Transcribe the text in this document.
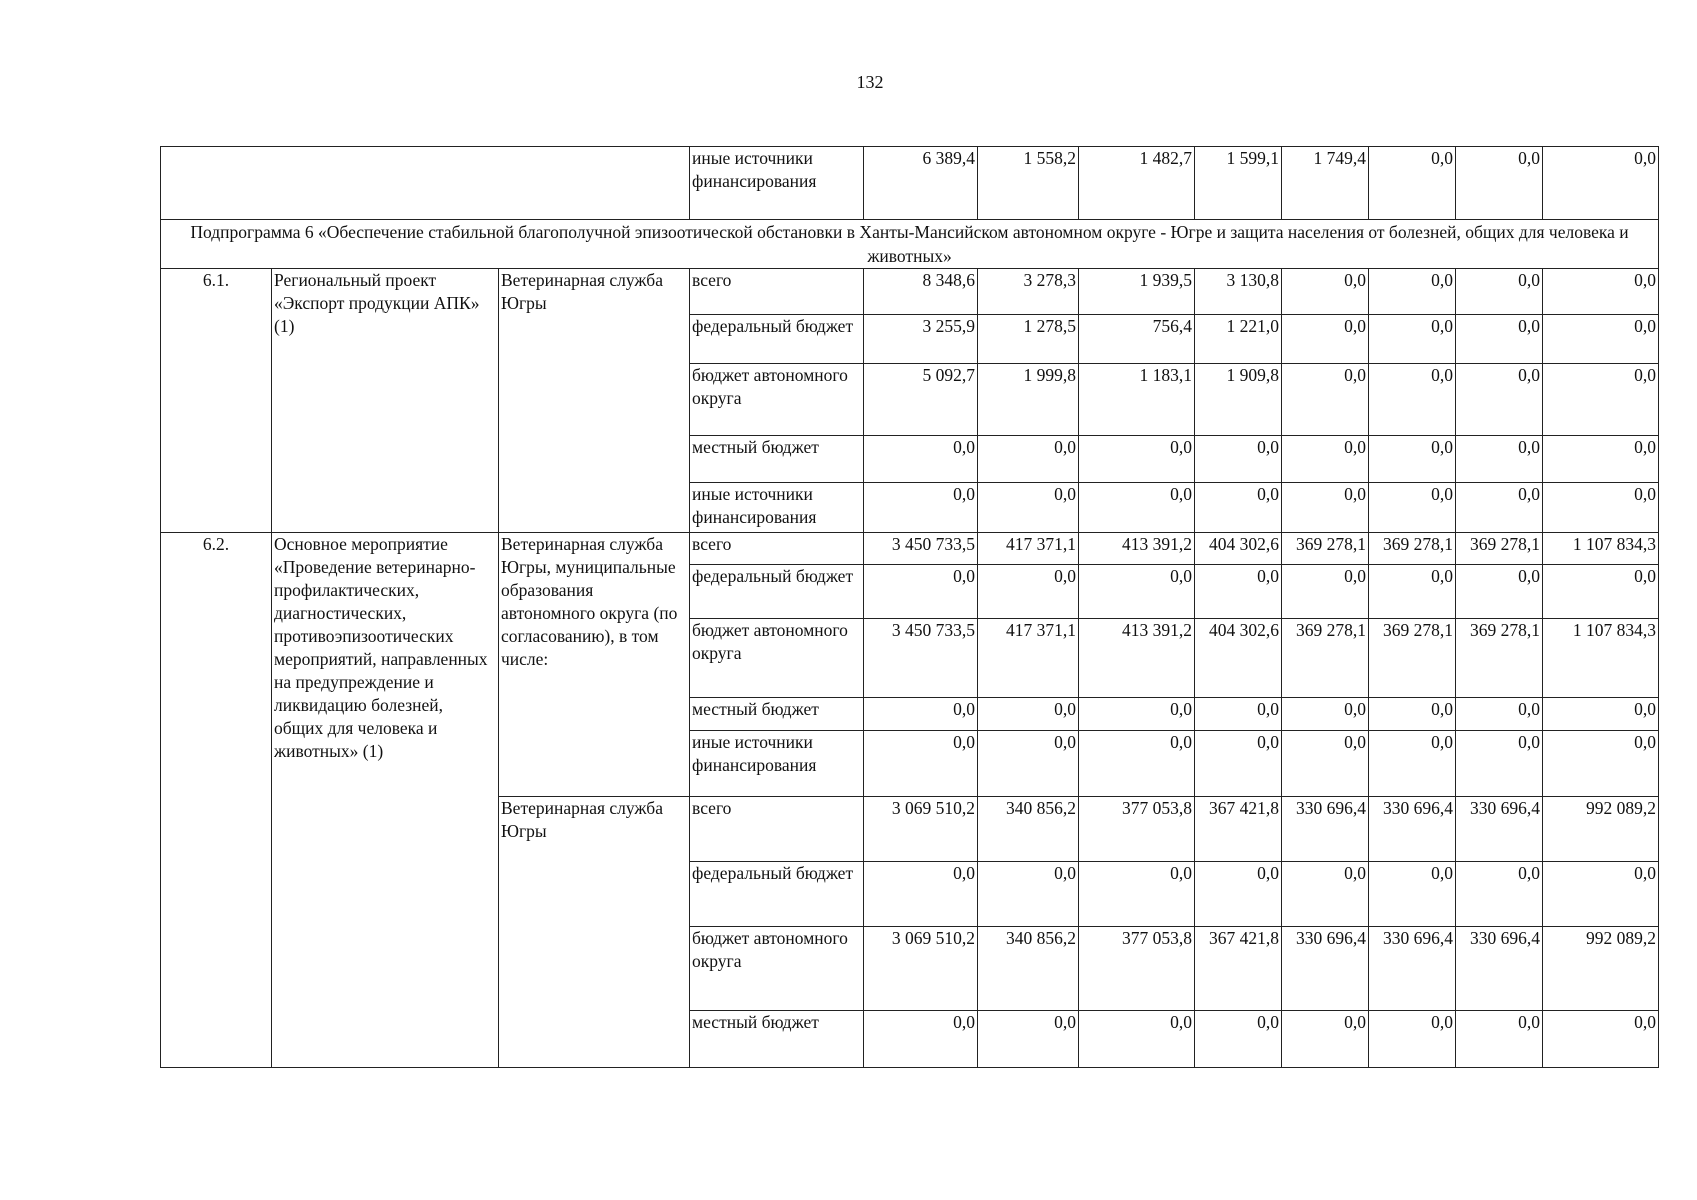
132

			иные источники финансирования	6 389,4	1 558,2	1 482,7	1 599,1	1 749,4	0,0	0,0	0,0
Подпрограмма 6 «Обеспечение стабильной благополучной эпизоотической обстановки в Ханты-Мансийском автономном округе - Югре и защита населения от болезней, общих для человека и животных»											
6.1.	Региональный проект «Экспорт продукции АПК» (1)	Ветеринарная служба Югры	всего	8 348,6	3 278,3	1 939,5	3 130,8	0,0	0,0	0,0	0,0

			федеральный бюджет	3 255,9	1 278,5	756,4	1 221,0	0,0	0,0	0,0	0,0

			бюджет автономного округа	5 092,7	1 999,8	1 183,1	1 909,8	0,0	0,0	0,0	0,0

			местный бюджет	0,0	0,0	0,0	0,0	0,0	0,0	0,0	0,0

			иные источники финансирования	0,0	0,0	0,0	0,0	0,0	0,0	0,0	0,0
6.2.	Основное мероприятие «Проведение ветеринарно-профилактических, диагностических, противоэпизоотических мероприятий, направленных на предупреждение и ликвидацию болезней, общих для человека и животных» (1)	Ветеринарная служба Югры, муниципальные образования автономного округа (по согласованию), в том числе:	всего	3 450 733,5	417 371,1	413 391,2	404 302,6	369 278,1	369 278,1	369 278,1	1 107 834,3

			федеральный бюджет	0,0	0,0	0,0	0,0	0,0	0,0	0,0	0,0

			бюджет автономного округа	3 450 733,5	417 371,1	413 391,2	404 302,6	369 278,1	369 278,1	369 278,1	1 107 834,3

			местный бюджет	0,0	0,0	0,0	0,0	0,0	0,0	0,0	0,0

			иные источники финансирования	0,0	0,0	0,0	0,0	0,0	0,0	0,0	0,0
		Ветеринарная служба Югры	всего	3 069 510,2	340 856,2	377 053,8	367 421,8	330 696,4	330 696,4	330 696,4	992 089,2

			федеральный бюджет	0,0	0,0	0,0	0,0	0,0	0,0	0,0	0,0

			бюджет автономного округа	3 069 510,2	340 856,2	377 053,8	367 421,8	330 696,4	330 696,4	330 696,4	992 089,2

			местный бюджет	0,0	0,0	0,0	0,0	0,0	0,0	0,0	0,0
